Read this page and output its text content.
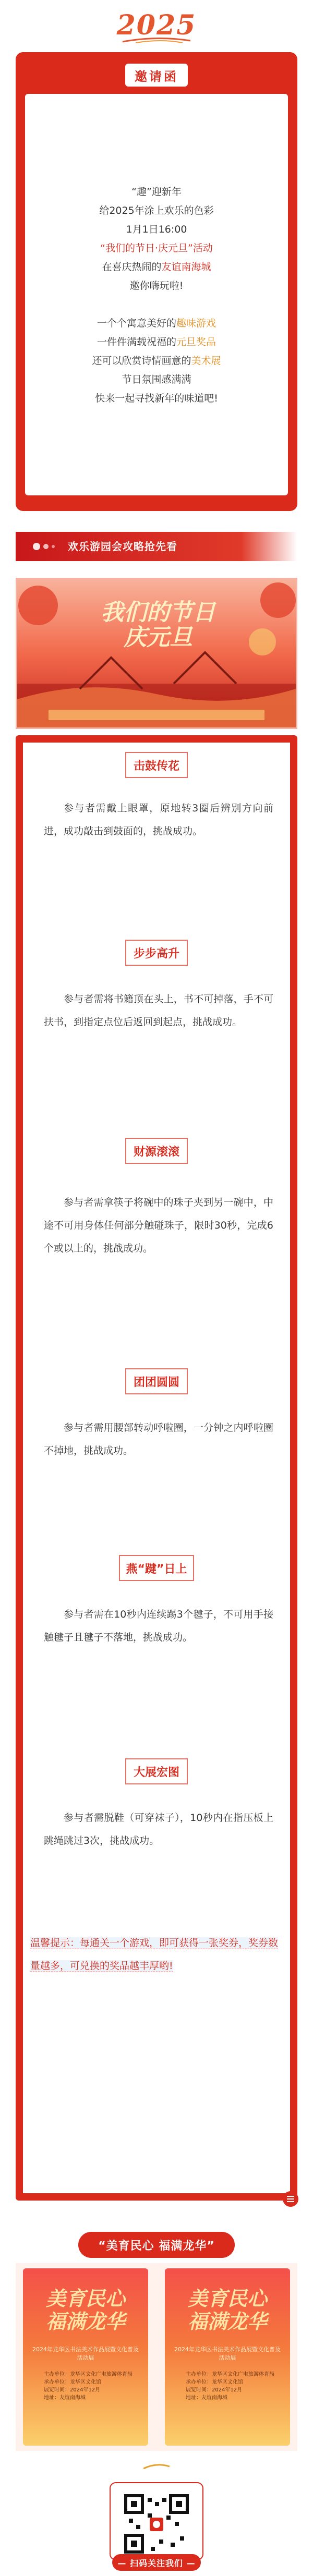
2025
邀请函

“趣”迎新年

给2025年涂上欢乐的色彩

1月1日16:00

“我们的节日·庆元旦”活动

在喜庆热闹的友谊南海城

邀你嗨玩啦!

一个个寓意美好的趣味游戏

一件件满载祝福的元旦奖品

还可以欣赏诗情画意的美术展

节日氛围感满满

快来一起寻找新年的味道吧!

欢乐游园会攻略抢先看
我们的节日
庆元旦
击鼓传花
参与者需戴上眼罩，原地转3圈后辨别方向前进，成功敲击到鼓面的，挑战成功。
步步高升
参与者需将书籍顶在头上，书不可掉落，手不可扶书，到指定点位后返回到起点，挑战成功。
财源滚滚
参与者需拿筷子将碗中的珠子夹到另一碗中，中途不可用身体任何部分触碰珠子，限时30秒，完成6个或以上的，挑战成功。
团团圆圆
参与者需用腰部转动呼啦圈，一分钟之内呼啦圈不掉地，挑战成功。
燕“踺”日上
参与者需在10秒内连续踢3个毽子，不可用手接触毽子且毽子不落地，挑战成功。
大展宏图
参与者需脱鞋（可穿袜子），10秒内在指压板上跳绳跳过3次，挑战成功。
温馨提示：每通关一个游戏，即可获得一张奖券，奖券数量越多，可兑换的奖品越丰厚哟!
“美育民心 福满龙华”
美育民心
福满龙华
2024年龙华区书法美术作品展暨文化普及活动展
主办单位：龙华区文化广电旅游体育局
承办单位：龙华区文化馆
展览时间：2024年12月
地址：友谊南海城
美育民心
福满龙华
2024年龙华区书法美术作品展暨文化普及活动展
主办单位：龙华区文化广电旅游体育局
承办单位：龙华区文化馆
展览时间：2024年12月
地址：友谊南海城
— 扫码关注我们 —
